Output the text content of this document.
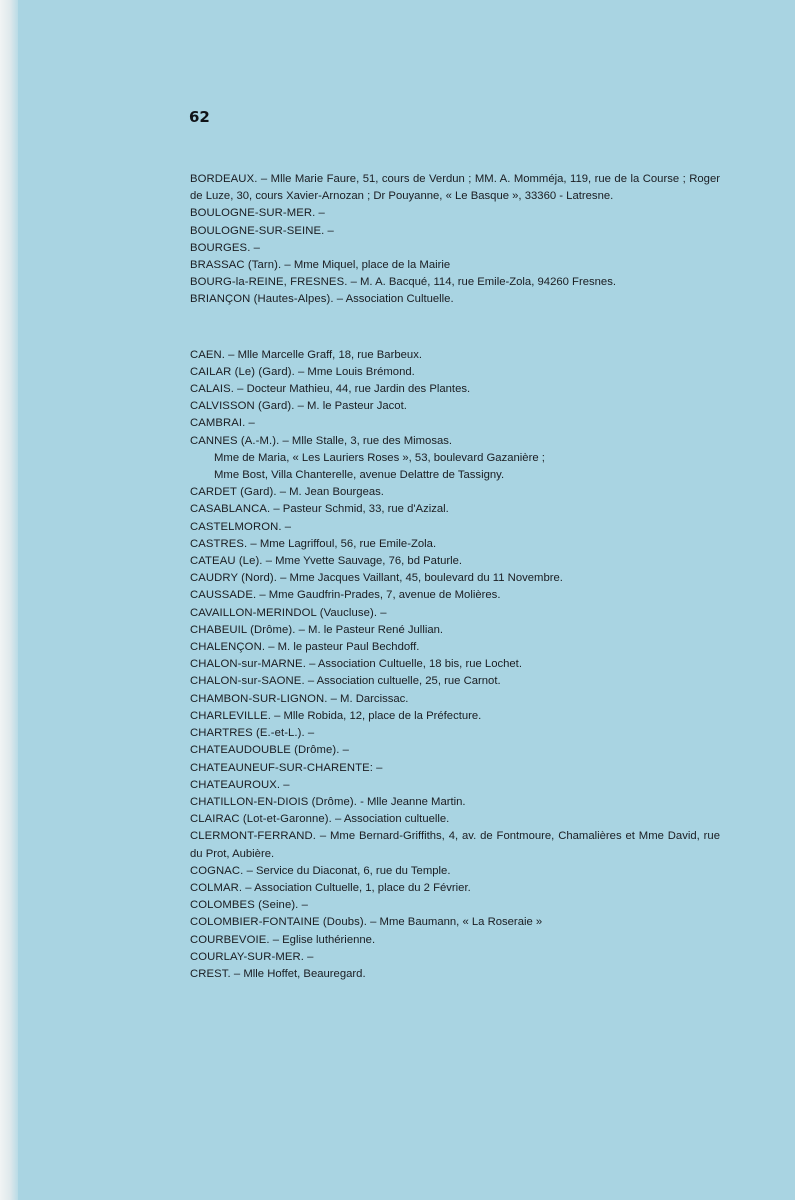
62
BORDEAUX. – Mlle Marie Faure, 51, cours de Verdun ; MM. A. Momméja, 119, rue de la Course ; Roger de Luze, 30, cours Xavier-Arnozan ; Dr Pouyanne, « Le Basque », 33360 - Latresne.
BOULOGNE-SUR-MER. –
BOULOGNE-SUR-SEINE. –
BOURGES. –
BRASSAC (Tarn). – Mme Miquel, place de la Mairie
BOURG-la-REINE, FRESNES. – M. A. Bacqué, 114, rue Emile-Zola, 94260 Fresnes.
BRIANÇON (Hautes-Alpes). – Association Cultuelle.
CAEN. – Mlle Marcelle Graff, 18, rue Barbeux.
CAILAR (Le) (Gard). – Mme Louis Brémond.
CALAIS. – Docteur Mathieu, 44, rue Jardin des Plantes.
CALVISSON (Gard). – M. le Pasteur Jacot.
CAMBRAI. –
CANNES (A.-M.). – Mlle Stalle, 3, rue des Mimosas.
Mme de Maria, « Les Lauriers Roses », 53, boulevard Gazanière ;
Mme Bost, Villa Chanterelle, avenue Delattre de Tassigny.
CARDET (Gard). – M. Jean Bourgeas.
CASABLANCA. – Pasteur Schmid, 33, rue d'Azizal.
CASTELMORON. –
CASTRES. – Mme Lagriffoul, 56, rue Emile-Zola.
CATEAU (Le). – Mme Yvette Sauvage, 76, bd Paturle.
CAUDRY (Nord). – Mme Jacques Vaillant, 45, boulevard du 11 Novembre.
CAUSSADE. – Mme Gaudfrin-Prades, 7, avenue de Molières.
CAVAILLON-MERINDOL (Vaucluse). –
CHABEUIL (Drôme). – M. le Pasteur René Jullian.
CHALENÇON. – M. le pasteur Paul Bechdoff.
CHALON-sur-MARNE. – Association Cultuelle, 18 bis, rue Lochet.
CHALON-sur-SAONE. – Association cultuelle, 25, rue Carnot.
CHAMBON-SUR-LIGNON. – M. Darcissac.
CHARLEVILLE. – Mlle Robida, 12, place de la Préfecture.
CHARTRES (E.-et-L.). –
CHATEAUDOUBLE (Drôme). –
CHATEAUNEUF-SUR-CHARENTE: –
CHATEAUROUX. –
CHATILLON-EN-DIOIS (Drôme). - Mlle Jeanne Martin.
CLAIRAC (Lot-et-Garonne). – Association cultuelle.
CLERMONT-FERRAND. – Mme Bernard-Griffiths, 4, av. de Fontmoure, Chamalières et Mme David, rue du Prot, Aubière.
COGNAC. – Service du Diaconat, 6, rue du Temple.
COLMAR. – Association Cultuelle, 1, place du 2 Février.
COLOMBES (Seine). –
COLOMBIER-FONTAINE (Doubs). – Mme Baumann, « La Roseraie »
COURBEVOIE. – Eglise luthérienne.
COURLAY-SUR-MER. –
CREST. – Mlle Hoffet, Beauregard.
